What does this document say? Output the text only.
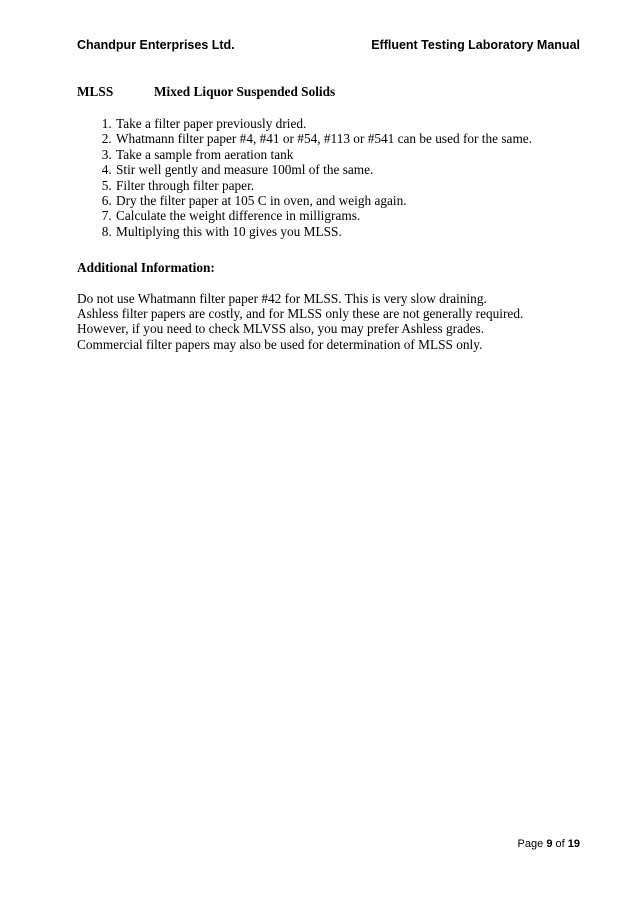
Chandpur Enterprises Ltd.	Effluent Testing Laboratory Manual
MLSS	Mixed Liquor Suspended Solids
1. Take a filter paper previously dried.
2. Whatmann filter paper #4, #41 or #54, #113 or #541 can be used for the same.
3. Take a sample from aeration tank
4. Stir well gently and measure 100ml of the same.
5. Filter through filter paper.
6. Dry the filter paper at 105 C in oven, and weigh again.
7. Calculate the weight difference in milligrams.
8. Multiplying this with 10 gives you MLSS.
Additional Information:

Do not use Whatmann filter paper #42 for MLSS. This is very slow draining.

Ashless filter papers are costly, and for MLSS only these are not generally required.

However, if you need to check MLVSS also, you may prefer Ashless grades.

Commercial filter papers may also be used for determination of MLSS only.

Page 9 of 19
